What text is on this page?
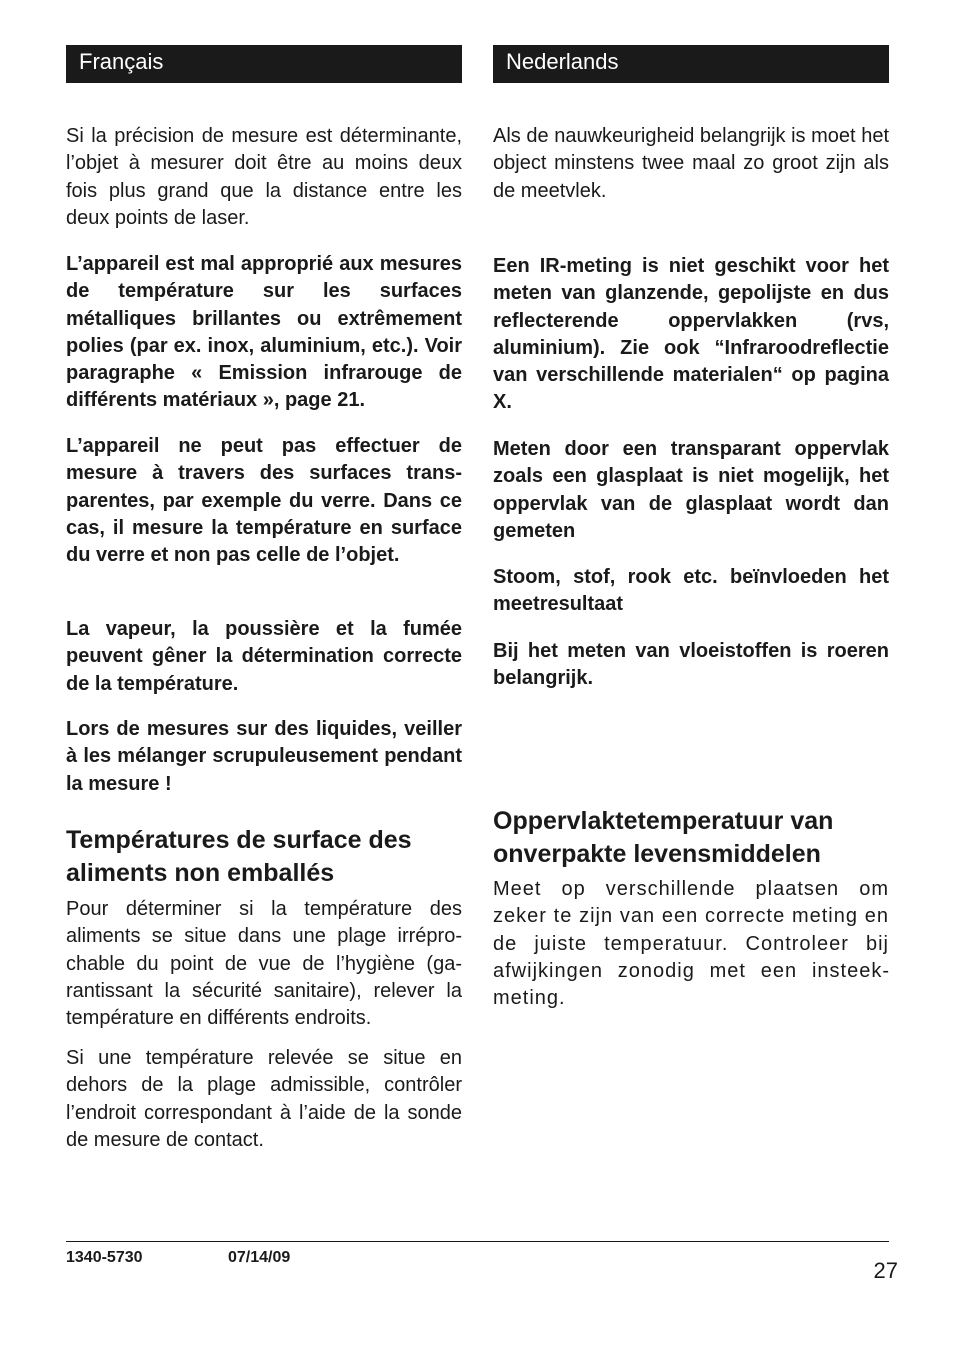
Français

Si la précision de mesure est déterminante, l’objet à mesurer doit être au moins deux fois plus grand que la distance entre les deux points de laser.

L’appareil est mal approprié aux mesures de température sur les surfaces métalliques brillantes ou extrêmement polies (par ex. inox, aluminium, etc.). Voir paragraphe « Emission infrarouge de différents matériaux », page 21.

L’appareil ne peut pas effectuer de mesure à travers des surfaces transparentes, par exemple du verre. Dans ce cas, il mesure la température en surface du verre et non pas celle de l’objet.

La vapeur, la poussière et la fumée peuvent gêner la détermination correcte de la température.

Lors de mesures sur des liquides, veiller à les mélanger scrupuleusement pendant la mesure !

Températures de surface des aliments non emballés

Pour déterminer si la température des aliments se situe dans une plage irréprochable du point de vue de l’hygiène (garantissant la sécurité sanitaire), relever la température en différents endroits.

Si une température relevée se situe en dehors de la plage admissible, contrôler l’endroit correspondant à l’aide de la sonde de mesure de contact.

Nederlands

Als de nauwkeurigheid belangrijk is moet het object minstens twee maal zo groot zijn als de meetvlek.

Een IR-meting is niet geschikt voor het meten van glanzende, gepolijste en dus reflecterende oppervlakken (rvs, aluminium). Zie ook “Infraroodreflectie van verschillende materialen“ op pagina X.

Meten door een transparant oppervlak zoals een glasplaat is niet mogelijk, het oppervlak van de glasplaat wordt dan gemeten

Stoom, stof, rook etc. beïnvloeden het meetresultaat

Bij het meten van vloeistoffen is roeren belangrijk.

Oppervlaktetemperatuur van onverpakte levensmiddelen

Meet op verschillende plaatsen om zeker te zijn van een correcte meting en de juiste temperatuur. Controleer bij afwijkingen zonodig met een insteekmeting.

1340-5730	07/14/09
27
